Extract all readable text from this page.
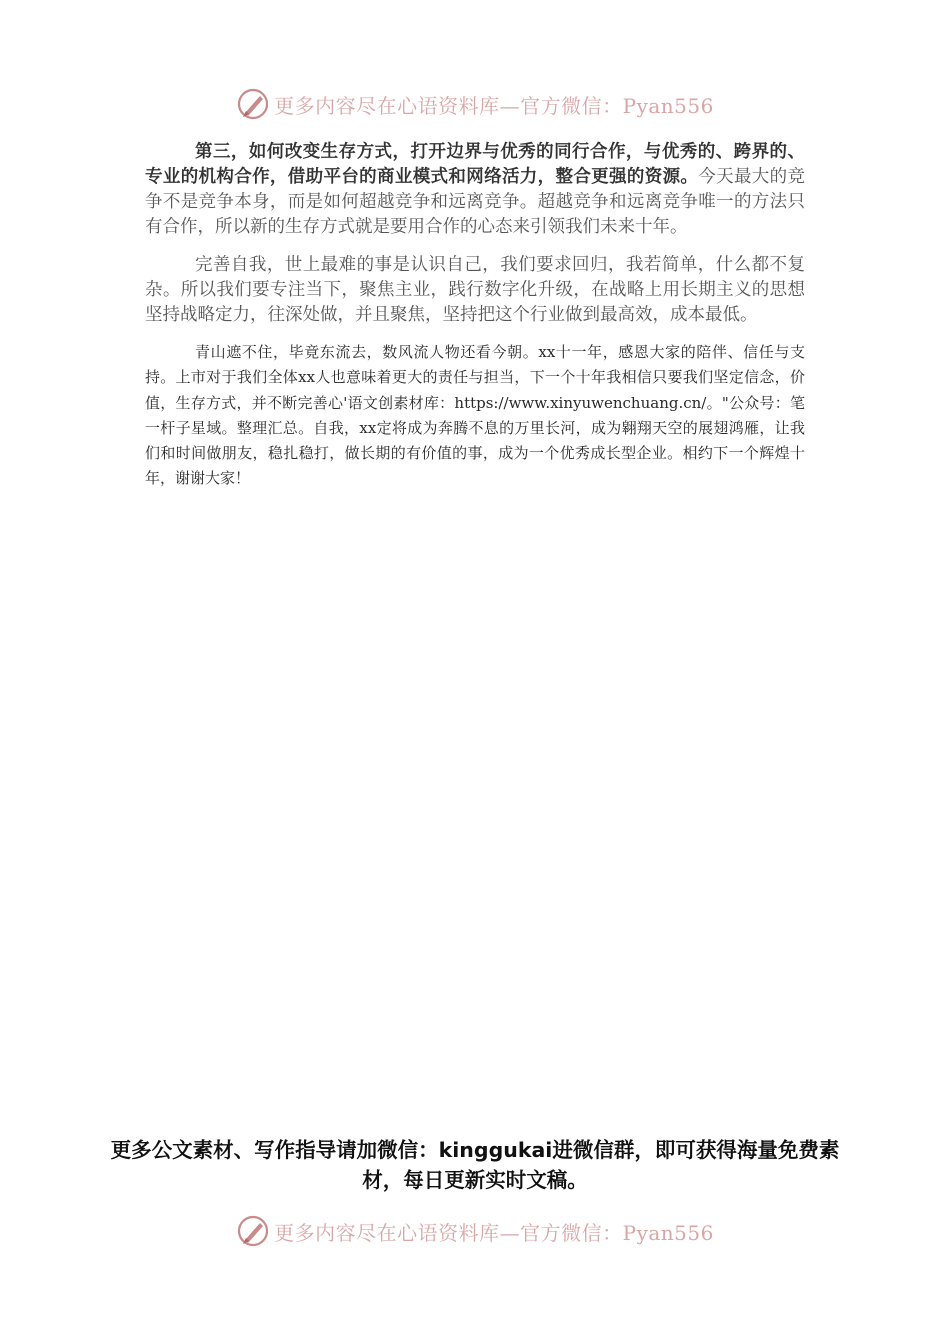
更多内容尽在心语资料库—官方微信：Pyan556

第三，如何改变生存方式，打开边界与优秀的同行合作，与优秀的、跨界的、专业的机构合作，借助平台的商业模式和网络活力，整合更强的资源。今天最大的竞争不是竞争本身，而是如何超越竞争和远离竞争。超越竞争和远离竞争唯一的方法只有合作，所以新的生存方式就是要用合作的心态来引领我们未来十年。

完善自我，世上最难的事是认识自己，我们要求回归，我若简单，什么都不复杂。所以我们要专注当下，聚焦主业，践行数字化升级，在战略上用长期主义的思想坚持战略定力，往深处做，并且聚焦，坚持把这个行业做到最高效，成本最低。

青山遮不住，毕竟东流去，数风流人物还看今朝。xx十一年，感恩大家的陪伴、信任与支持。上市对于我们全体xx人也意味着更大的责任与担当，下一个十年我相信只要我们坚定信念，价值，生存方式，并不断完善心'语文创素材库：https://www.xinyuwenchuang.cn/。"公众号：笔一杆子星域。整理汇总。自我，xx定将成为奔腾不息的万里长河，成为翱翔天空的展翅鸿雁，让我们和时间做朋友，稳扎稳打，做长期的有价值的事，成为一个优秀成长型企业。相约下一个辉煌十年，谢谢大家！

更多公文素材、写作指导请加微信：kinggukai进微信群，即可获得海量免费素材，每日更新实时文稿。
更多内容尽在心语资料库—官方微信：Pyan556
